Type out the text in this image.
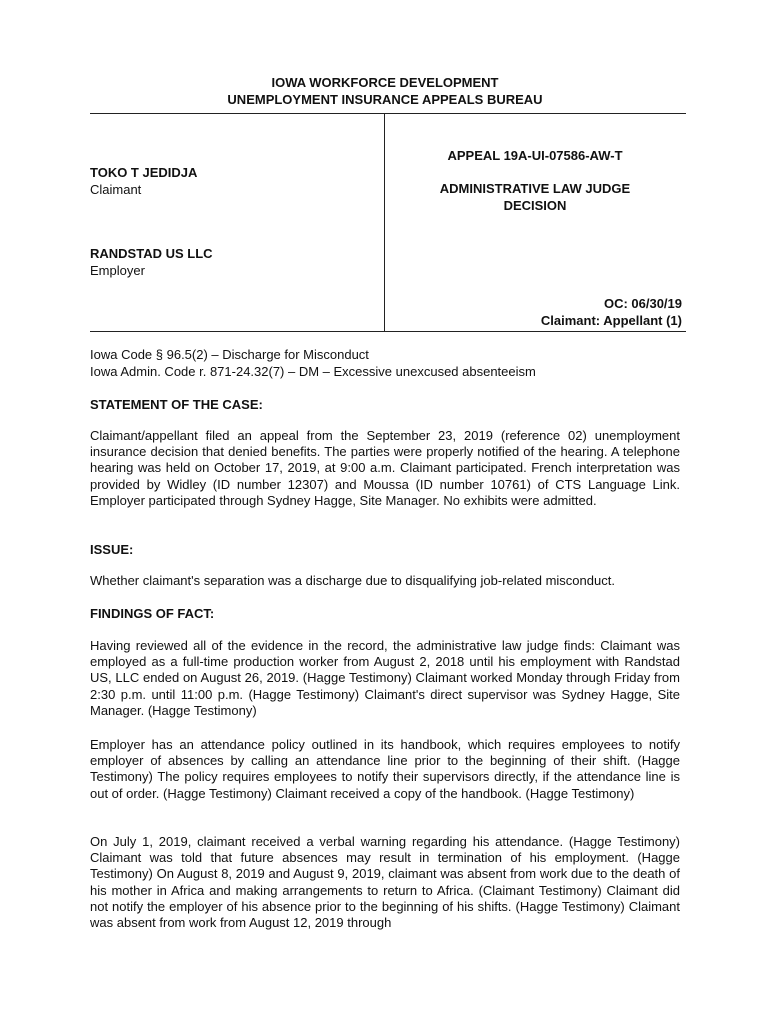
IOWA WORKFORCE DEVELOPMENT
UNEMPLOYMENT INSURANCE APPEALS BUREAU
TOKO T JEDIDJA
Claimant
RANDSTAD US LLC
Employer
APPEAL 19A-UI-07586-AW-T
ADMINISTRATIVE LAW JUDGE
DECISION
OC: 06/30/19
Claimant: Appellant (1)
Iowa Code § 96.5(2) – Discharge for Misconduct
Iowa Admin. Code r. 871-24.32(7) – DM – Excessive unexcused absenteeism
STATEMENT OF THE CASE:
Claimant/appellant filed an appeal from the September 23, 2019 (reference 02) unemployment insurance decision that denied benefits. The parties were properly notified of the hearing. A telephone hearing was held on October 17, 2019, at 9:00 a.m. Claimant participated. French interpretation was provided by Widley (ID number 12307) and Moussa (ID number 10761) of CTS Language Link. Employer participated through Sydney Hagge, Site Manager. No exhibits were admitted.
ISSUE:
Whether claimant's separation was a discharge due to disqualifying job-related misconduct.
FINDINGS OF FACT:
Having reviewed all of the evidence in the record, the administrative law judge finds: Claimant was employed as a full-time production worker from August 2, 2018 until his employment with Randstad US, LLC ended on August 26, 2019. (Hagge Testimony) Claimant worked Monday through Friday from 2:30 p.m. until 11:00 p.m. (Hagge Testimony) Claimant's direct supervisor was Sydney Hagge, Site Manager. (Hagge Testimony)
Employer has an attendance policy outlined in its handbook, which requires employees to notify employer of absences by calling an attendance line prior to the beginning of their shift. (Hagge Testimony) The policy requires employees to notify their supervisors directly, if the attendance line is out of order. (Hagge Testimony) Claimant received a copy of the handbook. (Hagge Testimony)
On July 1, 2019, claimant received a verbal warning regarding his attendance. (Hagge Testimony) Claimant was told that future absences may result in termination of his employment. (Hagge Testimony) On August 8, 2019 and August 9, 2019, claimant was absent from work due to the death of his mother in Africa and making arrangements to return to Africa. (Claimant Testimony) Claimant did not notify the employer of his absence prior to the beginning of his shifts. (Hagge Testimony) Claimant was absent from work from August 12, 2019 through
